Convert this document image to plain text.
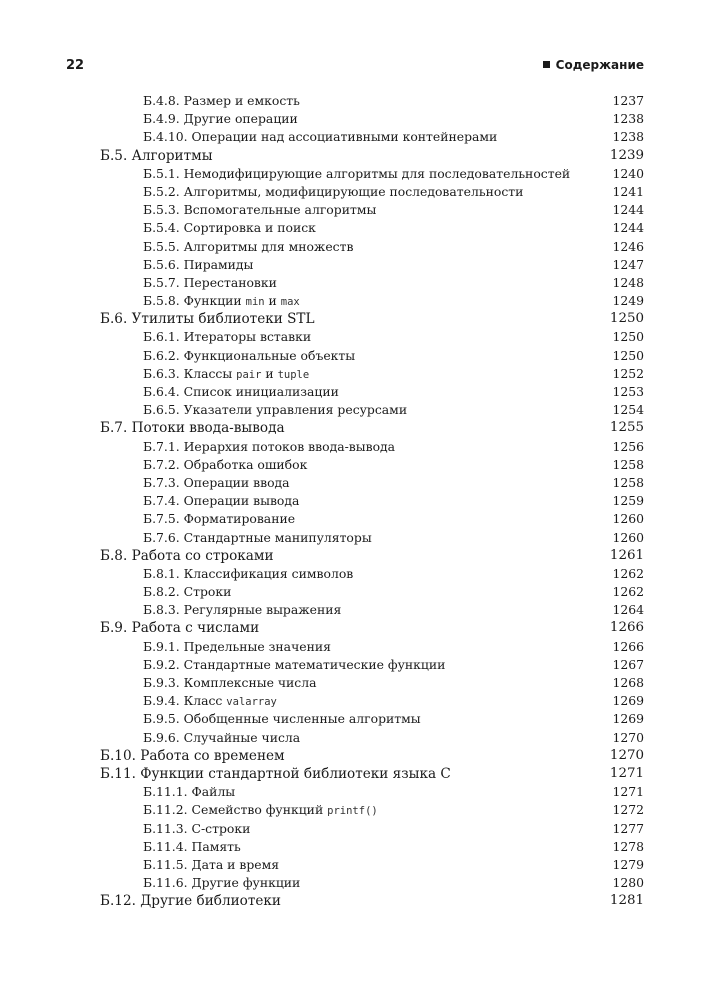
22	Содержание
Б.4.8. Размер и емкость	1237
Б.4.9. Другие операции	1238
Б.4.10. Операции над ассоциативными контейнерами	1238
Б.5. Алгоритмы	1239
Б.5.1. Немодифицирующие алгоритмы для последовательностей	1240
Б.5.2. Алгоритмы, модифицирующие последовательности	1241
Б.5.3. Вспомогательные алгоритмы	1244
Б.5.4. Сортировка и поиск	1244
Б.5.5. Алгоритмы для множеств	1246
Б.5.6. Пирамиды	1247
Б.5.7. Перестановки	1248
Б.5.8. Функции min и max	1249
Б.6. Утилиты библиотеки STL	1250
Б.6.1. Итераторы вставки	1250
Б.6.2. Функциональные объекты	1250
Б.6.3. Классы pair и tuple	1252
Б.6.4. Список инициализации	1253
Б.6.5. Указатели управления ресурсами	1254
Б.7. Потоки ввода-вывода	1255
Б.7.1. Иерархия потоков ввода-вывода	1256
Б.7.2. Обработка ошибок	1258
Б.7.3. Операции ввода	1258
Б.7.4. Операции вывода	1259
Б.7.5. Форматирование	1260
Б.7.6. Стандартные манипуляторы	1260
Б.8. Работа со строками	1261
Б.8.1. Классификация символов	1262
Б.8.2. Строки	1262
Б.8.3. Регулярные выражения	1264
Б.9. Работа с числами	1266
Б.9.1. Предельные значения	1266
Б.9.2. Стандартные математические функции	1267
Б.9.3. Комплексные числа	1268
Б.9.4. Класс valarray	1269
Б.9.5. Обобщенные численные алгоритмы	1269
Б.9.6. Случайные числа	1270
Б.10. Работа со временем	1270
Б.11. Функции стандартной библиотеки языка C	1271
Б.11.1. Файлы	1271
Б.11.2. Семейство функций printf()	1272
Б.11.3. C-строки	1277
Б.11.4. Память	1278
Б.11.5. Дата и время	1279
Б.11.6. Другие функции	1280
Б.12. Другие библиотеки	1281
